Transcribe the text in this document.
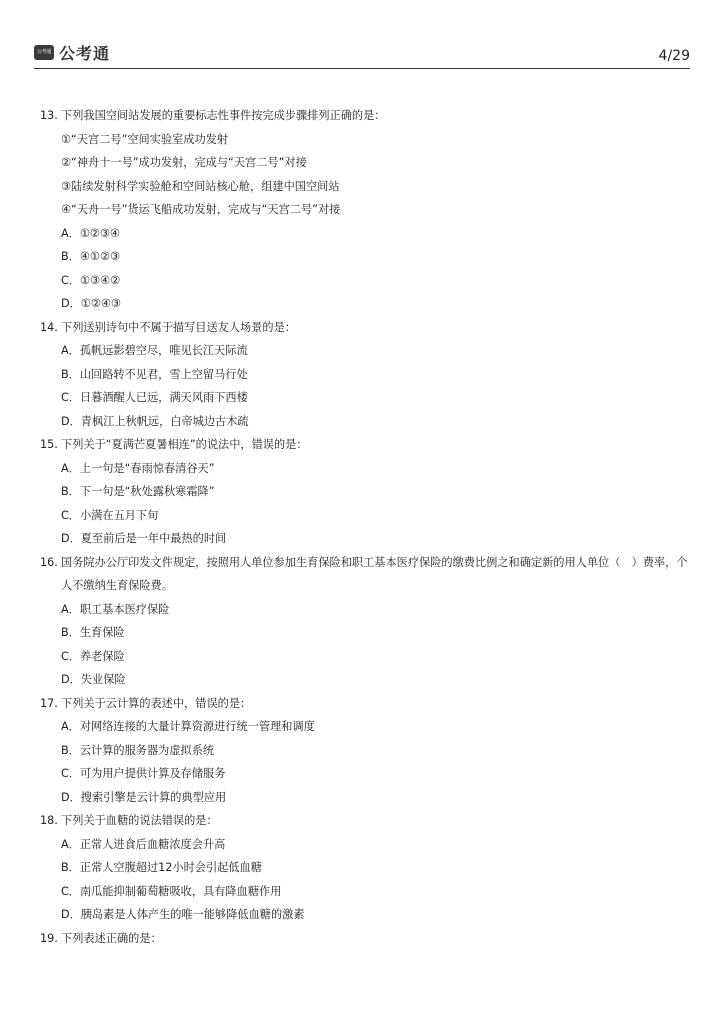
公考通 公考通	4/29
13. 下列我国空间站发展的重要标志性事件按完成步骤排列正确的是：
①“天宫二号”空间实验室成功发射
②“神舟十一号”成功发射，完成与“天宫二号”对接
③陆续发射科学实验舱和空间站核心舱，组建中国空间站
④“天舟一号”货运飞船成功发射，完成与“天宫二号”对接
A．①②③④
B．④①②③
C．①③④②
D．①②④③
14. 下列送别诗句中不属于描写目送友人场景的是：
A．孤帆远影碧空尽，唯见长江天际流
B．山回路转不见君，雪上空留马行处
C．日暮酒醒人已远，满天风雨下西楼
D．青枫江上秋帆远，白帝城边古木疏
15. 下列关于“夏满芒夏暑相连”的说法中，错误的是：
A．上一句是“春雨惊春清谷天”
B．下一句是“秋处露秋寒霜降”
C．小满在五月下旬
D．夏至前后是一年中最热的时间
16. 国务院办公厅印发文件规定，按照用人单位参加生育保险和职工基本医疗保险的缴费比例之和确定新的用人单位（　）费率，个人不缴纳生育保险费。
A．职工基本医疗保险
B．生育保险
C．养老保险
D．失业保险
17. 下列关于云计算的表述中，错误的是：
A．对网络连接的大量计算资源进行统一管理和调度
B．云计算的服务器为虚拟系统
C．可为用户提供计算及存储服务
D．搜索引擎是云计算的典型应用
18. 下列关于血糖的说法错误的是：
A．正常人进食后血糖浓度会升高
B．正常人空腹超过12小时会引起低血糖
C．南瓜能抑制葡萄糖吸收，具有降血糖作用
D．胰岛素是人体产生的唯一能够降低血糖的激素
19. 下列表述正确的是：
